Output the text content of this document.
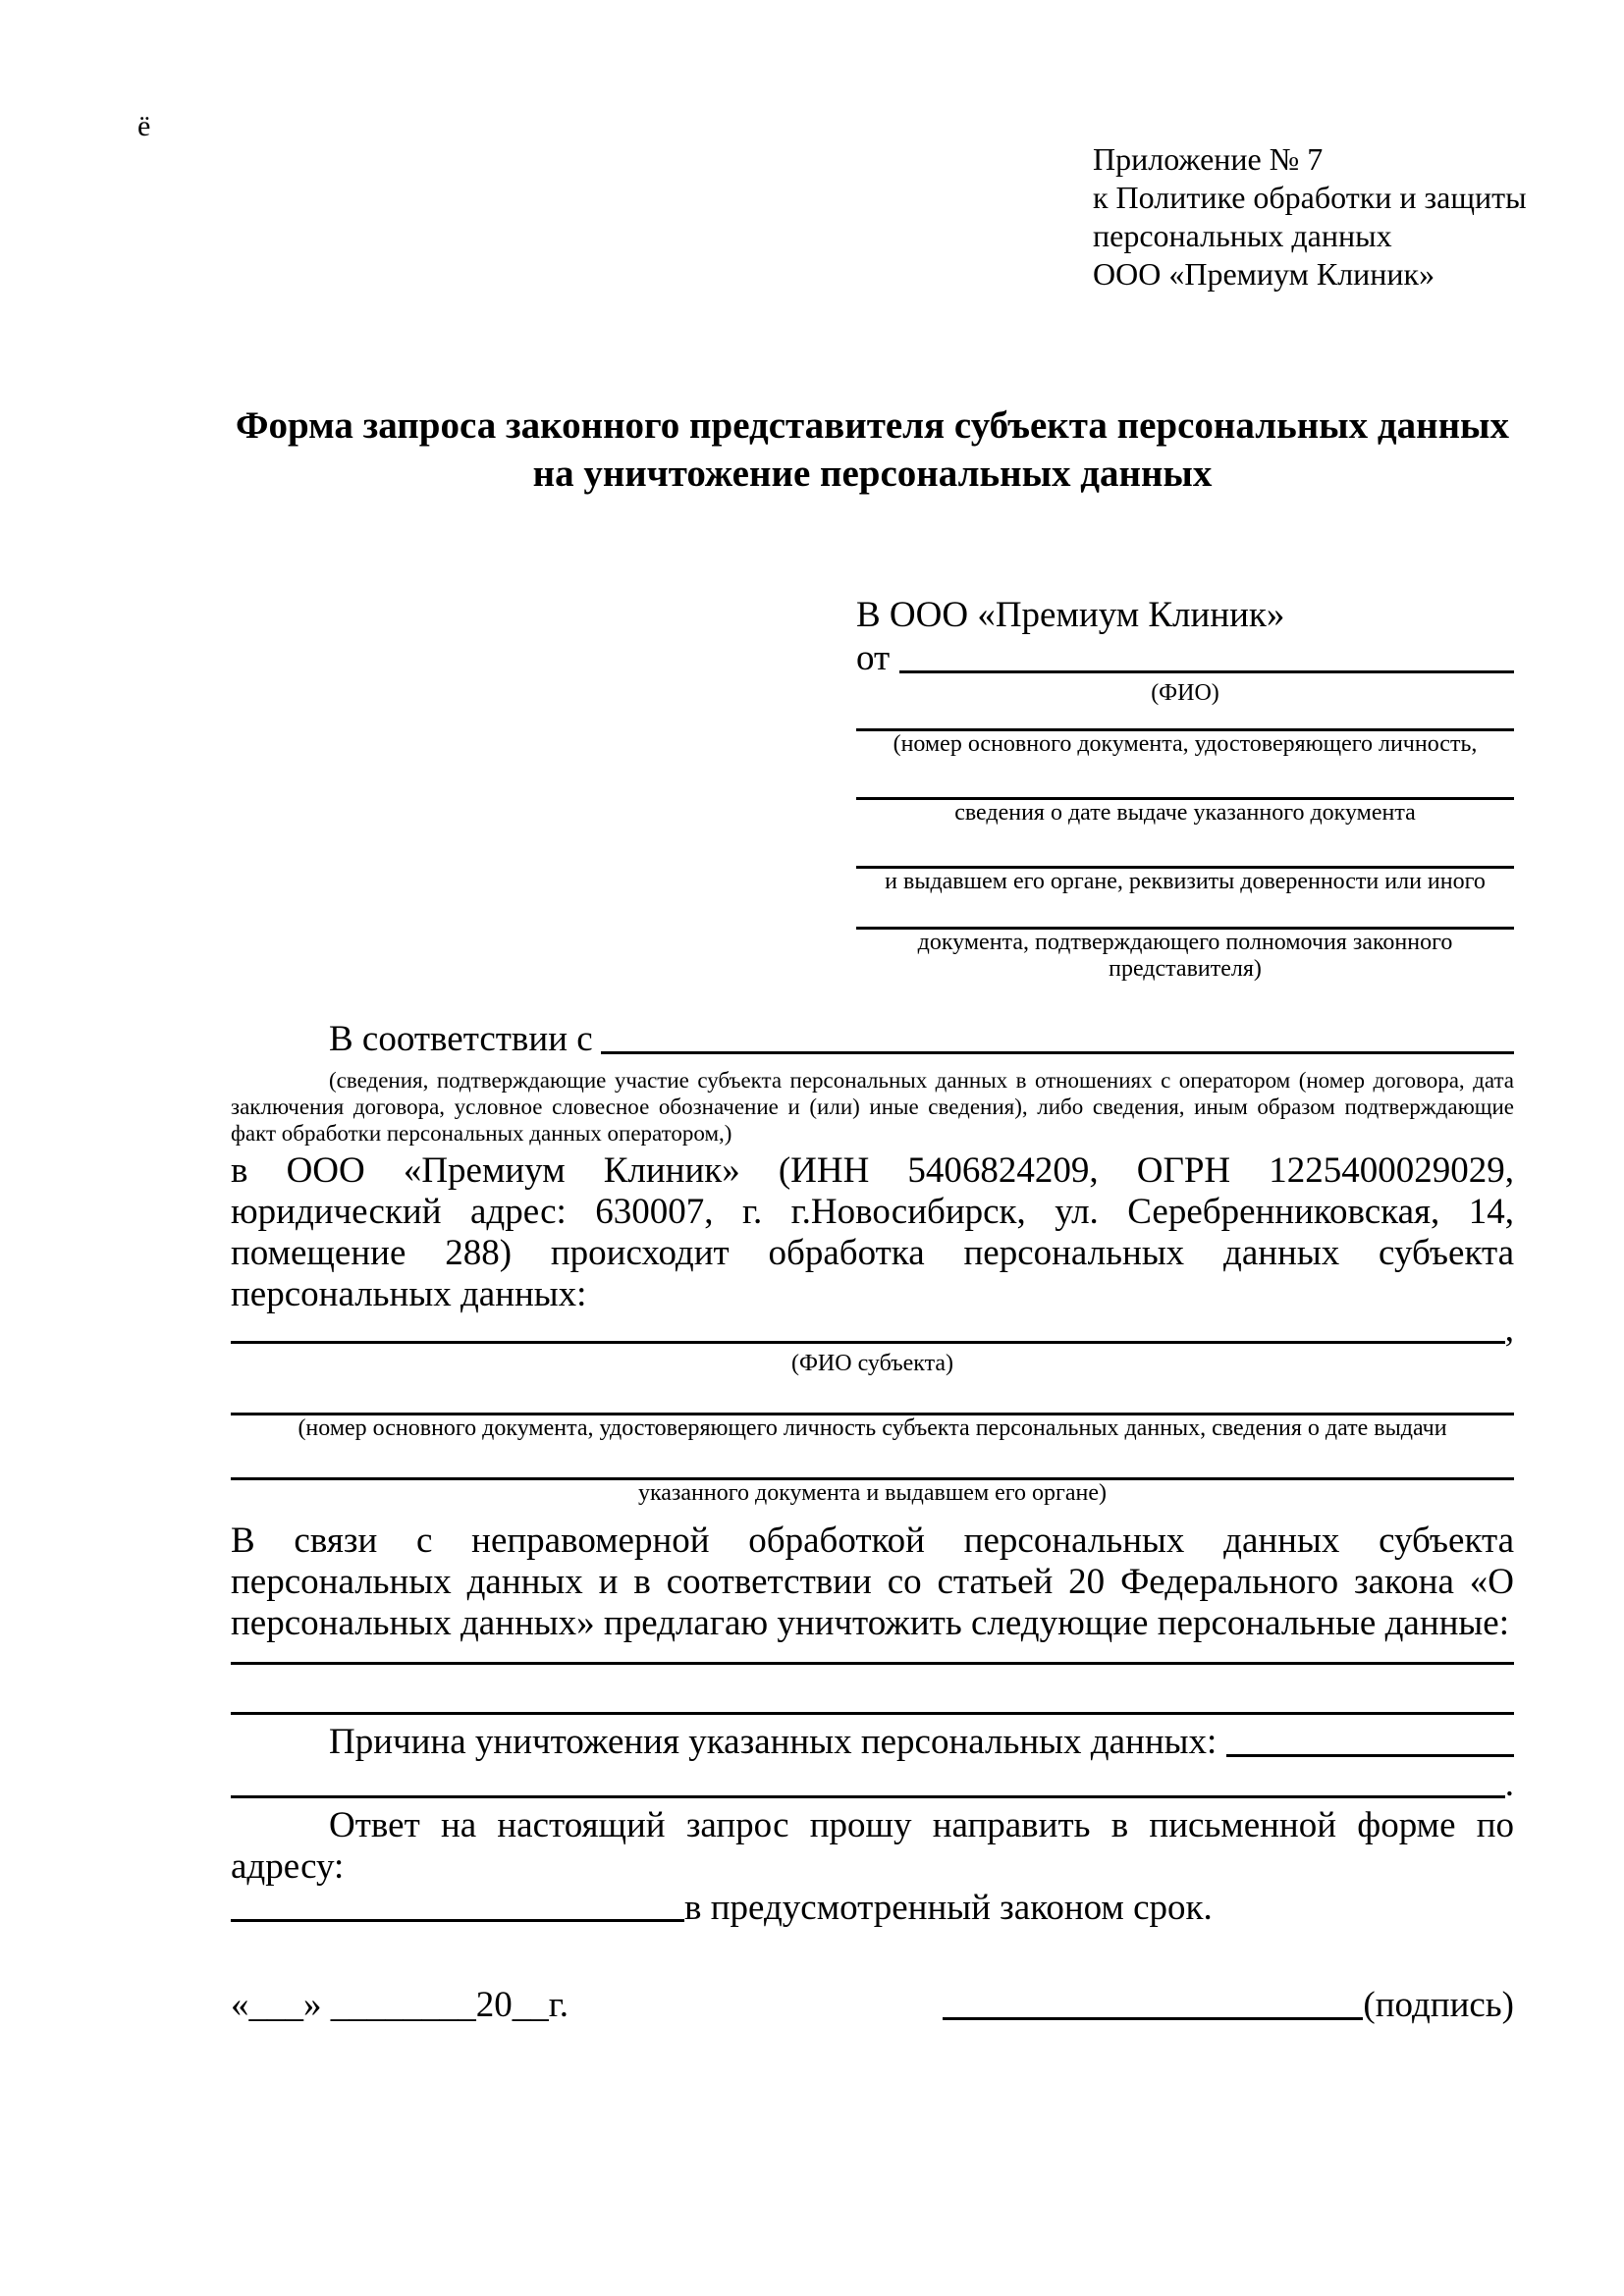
ё
Приложение № 7
к Политике обработки и защиты
персональных данных
ООО «Премиум Клиник»
Форма запроса законного представителя субъекта персональных данных
на уничтожение персональных данных
В ООО «Премиум Клиник»
от
(ФИО)
(номер основного документа, удостоверяющего личность,
сведения о дате выдаче указанного документа
и выдавшем его органе, реквизиты доверенности или иного
документа, подтверждающего полномочия законного представителя)
В соответствии с

(сведения, подтверждающие участие субъекта персональных данных в отношениях с оператором (номер договора, дата заключения договора, условное словесное обозначение и (или) иные сведения), либо сведения, иным образом подтверждающие факт обработки персональных данных оператором,)

в ООО «Премиум Клиник» (ИНН 5406824209, ОГРН 1225400029029, юридический адрес: 630007, г. г.Новосибирск, ул. Серебренниковская, 14, помещение 288) происходит обработка персональных данных субъекта персональных данных:

,
(ФИО субъекта)
(номер основного документа, удостоверяющего личность субъекта персональных данных, сведения о дате выдачи
указанного документа и выдавшем его органе)

В связи с неправомерной обработкой персональных данных субъекта персональных данных и в соответствии со статьей 20 Федерального закона «О персональных данных» предлагаю уничтожить следующие персональные данные:

Причина уничтожения указанных персональных данных:
.

Ответ на настоящий запрос прошу направить в письменной форме по адресу:

в предусмотренный законом срок.
«___» ________20__г.	(подпись)
